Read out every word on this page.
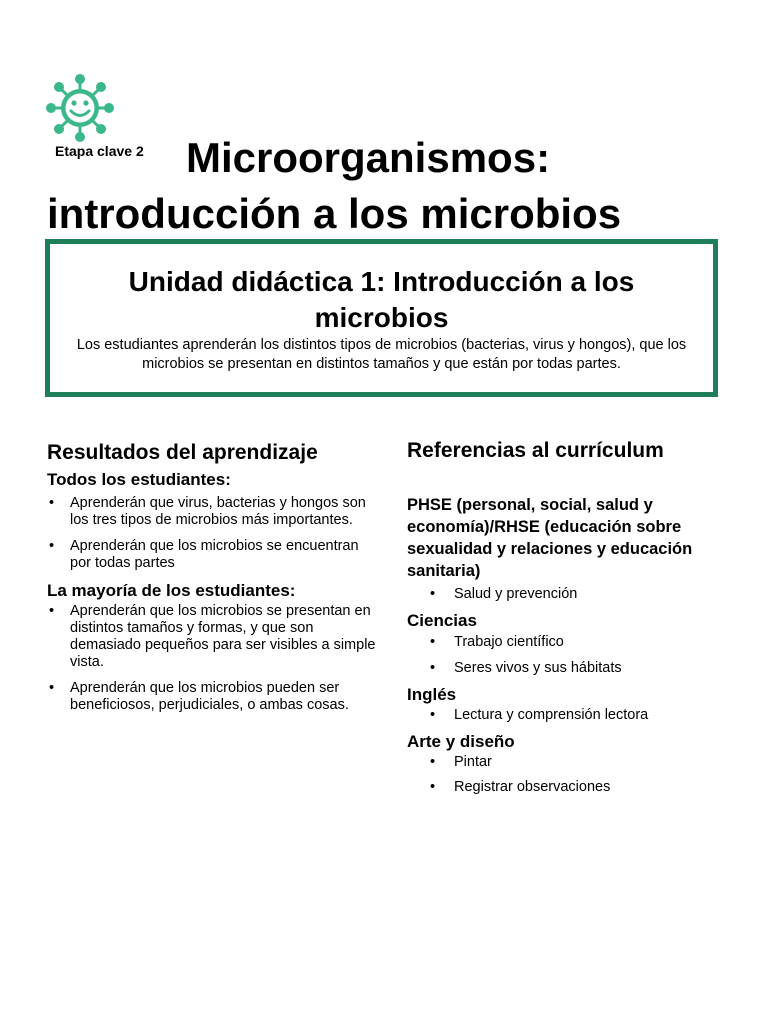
Etapa clave 2 Microorganismos:
introducción a los microbios
Unidad didáctica 1: Introducción a los microbios
Los estudiantes aprenderán los distintos tipos de microbios (bacterias, virus y hongos), que los microbios se presentan en distintos tamaños y que están por todas partes.
Resultados del aprendizaje
Todos los estudiantes:
• Aprenderán que virus, bacterias y hongos son los tres tipos de microbios más importantes.
• Aprenderán que los microbios se encuentran por todas partes
La mayoría de los estudiantes:
• Aprenderán que los microbios se presentan en distintos tamaños y formas, y que son demasiado pequeños para ser visibles a simple vista.
• Aprenderán que los microbios pueden ser beneficiosos, perjudiciales, o ambas cosas.
Referencias al currículum
PHSE (personal, social, salud y economía)/RHSE (educación sobre sexualidad y relaciones y educación sanitaria)
• Salud y prevención
Ciencias
• Trabajo científico
• Seres vivos y sus hábitats
Inglés
• Lectura y comprensión lectora
Arte y diseño
• Pintar
• Registrar observaciones
